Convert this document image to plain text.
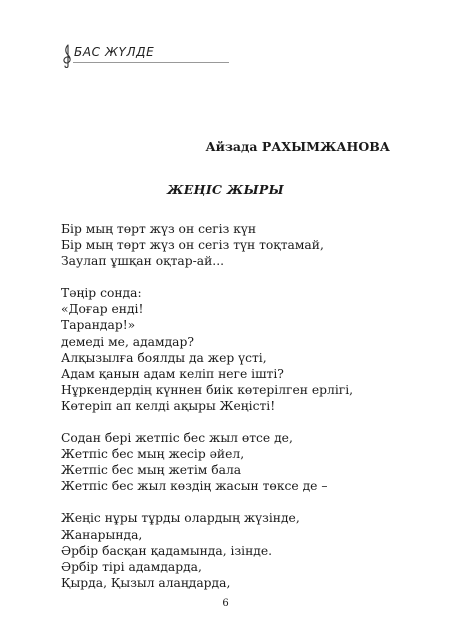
БАС ЖҮЛДЕ
Айзада РАХЫМЖАНОВА
ЖЕҢІС ЖЫРЫ
Бір мың төрт жүз он сегіз күн
Бір мың төрт жүз он сегіз түн тоқтамай,
Заулап ұшқан оқтар-ай...
Тәңір сонда:
«Доғар енді!
Тарандар!»
демеді ме, адамдар?
Алқызылға боялды да жер үсті,
Адам қанын адам келіп неге ішті?
Нұркендердің күннен биік көтерілген ерлігі,
Көтеріп ап келді ақыры Жеңісті!
Содан бері жетпіс бес жыл өтсе де,
Жетпіс бес мың жесір әйел,
Жетпіс бес мың жетім бала
Жетпіс бес жыл көздің жасын төксе де –
Жеңіс нұры тұрды олардың жүзінде,
Жанарында,
Әрбір басқан қадамында, ізінде.
Әрбір тірі адамдарда,
Қырда, Қызыл алаңдарда,
6
